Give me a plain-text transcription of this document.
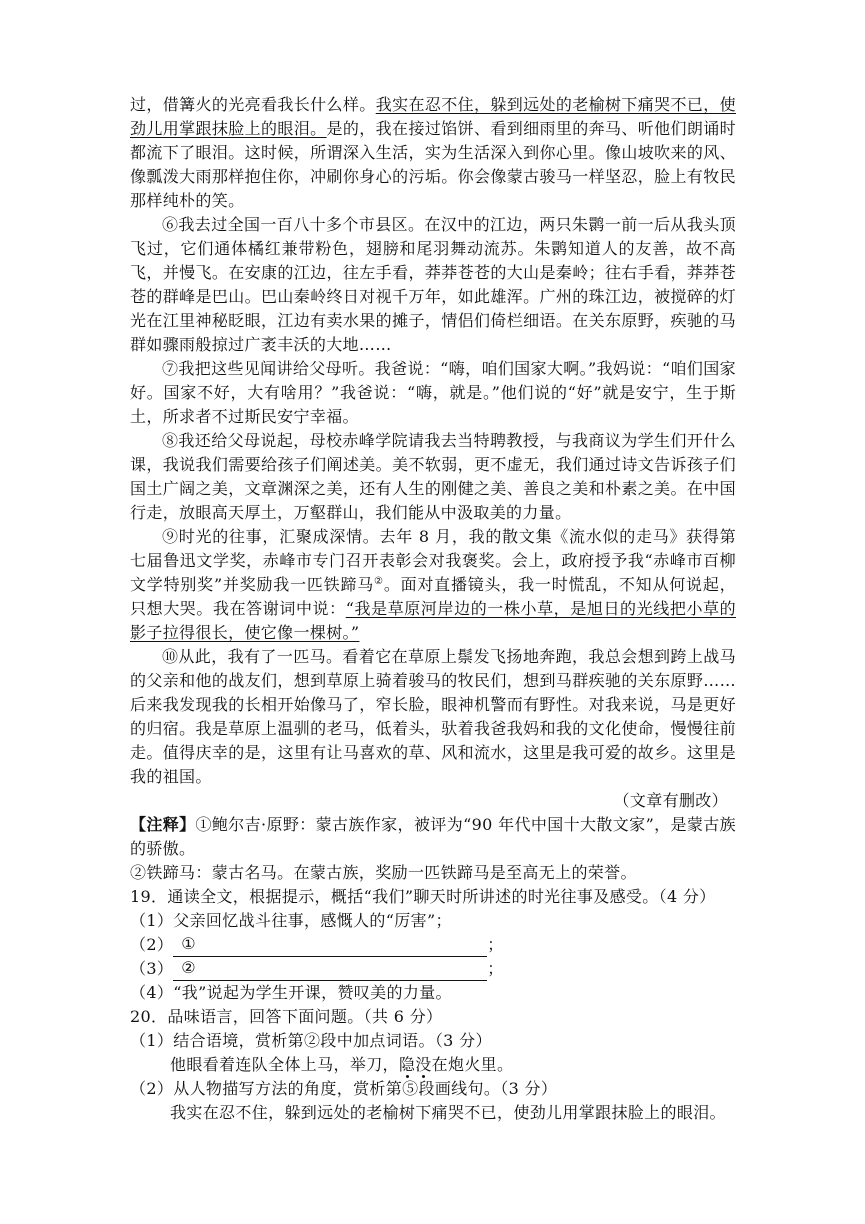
过，借篝火的光亮看我长什么样。我实在忍不住，躲到远处的老榆树下痛哭不已，使劲儿用掌跟抹脸上的眼泪。是的，我在接过馅饼、看到细雨里的奔马、听他们朗诵时都流下了眼泪。这时候，所谓深入生活，实为生活深入到你心里。像山坡吹来的风、像瓢泼大雨那样抱住你，冲刷你身心的污垢。你会像蒙古骏马一样坚忍，脸上有牧民那样纯朴的笑。

⑥我去过全国一百八十多个市县区。在汉中的江边，两只朱鹮一前一后从我头顶飞过，它们通体橘红兼带粉色，翅膀和尾羽舞动流苏。朱鹮知道人的友善，故不高飞，并慢飞。在安康的江边，往左手看，莽莽苍苍的大山是秦岭；往右手看，莽莽苍苍的群峰是巴山。巴山秦岭终日对视千万年，如此雄浑。广州的珠江边，被搅碎的灯光在江里神秘眨眼，江边有卖水果的摊子，情侣们倚栏细语。在关东原野，疾驰的马群如骤雨般掠过广袤丰沃的大地……

⑦我把这些见闻讲给父母听。我爸说：“嗨，咱们国家大啊。”我妈说：“咱们国家好。国家不好，大有啥用？”我爸说：“嗨，就是。”他们说的“好”就是安宁，生于斯土，所求者不过斯民安宁幸福。

⑧我还给父母说起，母校赤峰学院请我去当特聘教授，与我商议为学生们开什么课，我说我们需要给孩子们阐述美。美不软弱，更不虚无，我们通过诗文告诉孩子们国土广阔之美，文章渊深之美，还有人生的刚健之美、善良之美和朴素之美。在中国行走，放眼高天厚土，万壑群山，我们能从中汲取美的力量。

⑨时光的往事，汇聚成深情。去年 8 月，我的散文集《流水似的走马》获得第七届鲁迅文学奖，赤峰市专门召开表彰会对我褒奖。会上，政府授予我“赤峰市百柳文学特别奖”并奖励我一匹铁蹄马②。面对直播镜头，我一时慌乱，不知从何说起，只想大哭。我在答谢词中说：“我是草原河岸边的一株小草，是旭日的光线把小草的影子拉得很长，使它像一棵树。”

⑩从此，我有了一匹马。看着它在草原上鬃发飞扬地奔跑，我总会想到跨上战马的父亲和他的战友们，想到草原上骑着骏马的牧民们，想到马群疾驰的关东原野……后来我发现我的长相开始像马了，窄长脸，眼神机警而有野性。对我来说，马是更好的归宿。我是草原上温驯的老马，低着头，驮着我爸我妈和我的文化使命，慢慢往前走。值得庆幸的是，这里有让马喜欢的草、风和流水，这里是我可爱的故乡。这里是我的祖国。

（文章有删改）

【注释】①鲍尔吉·原野：蒙古族作家，被评为“90 年代中国十大散文家”，是蒙古族的骄傲。

②铁蹄马：蒙古名马。在蒙古族，奖励一匹铁蹄马是至高无上的荣誉。

19．通读全文，根据提示，概括“我们”聊天时所讲述的时光往事及感受。（4 分）

（1）父亲回忆战斗往事，感慨人的“厉害”；

（2） ①	；

（3） ②	；

（4）“我”说起为学生开课，赞叹美的力量。

20．品味语言，回答下面问题。（共 6 分）

（1）结合语境，赏析第②段中加点词语。（3 分）

他眼看着连队全体上马，举刀，隐没在炮火里。

（2）从人物描写方法的角度，赏析第⑤段画线句。（3 分）

我实在忍不住，躲到远处的老榆树下痛哭不已，使劲儿用掌跟抹脸上的眼泪。
